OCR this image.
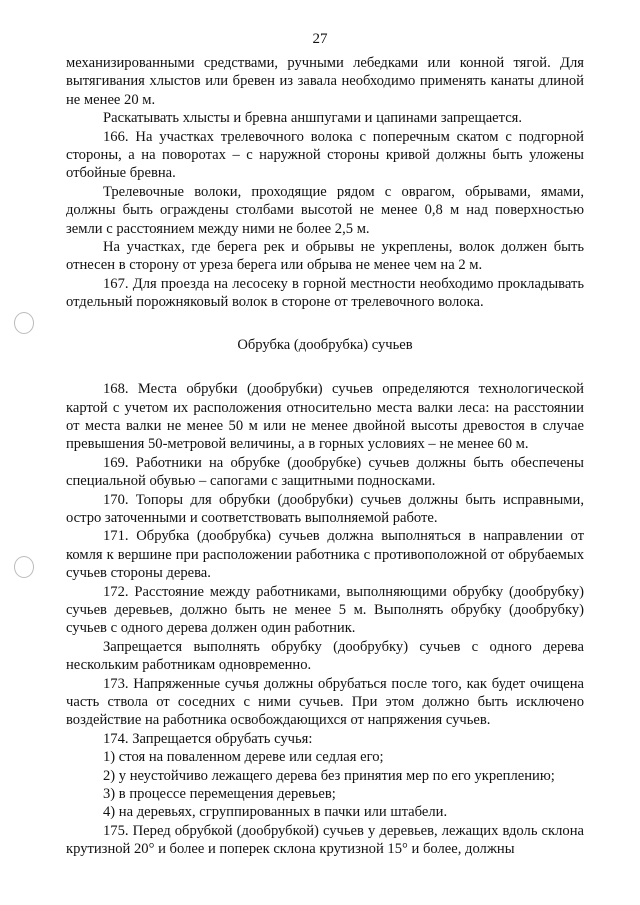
27

механизированными средствами, ручными лебедками или конной тягой. Для вытягивания хлыстов или бревен из завала необходимо применять канаты длиной не менее 20 м.

Раскатывать хлысты и бревна аншпугами и цапинами запрещается.

166. На участках трелевочного волока с поперечным скатом с подгорной стороны, а на поворотах – с наружной стороны кривой должны быть уложены отбойные бревна.

Трелевочные волоки, проходящие рядом с оврагом, обрывами, ямами, должны быть ограждены столбами высотой не менее 0,8 м над поверхностью земли с расстоянием между ними не более 2,5 м.

На участках, где берега рек и обрывы не укреплены, волок должен быть отнесен в сторону от уреза берега или обрыва не менее чем на 2 м.

167. Для проезда на лесосеку в горной местности необходимо прокладывать отдельный порожняковый волок в стороне от трелевочного волока.

Обрубка (дообрубка) сучьев

168. Места обрубки (дообрубки) сучьев определяются технологической картой с учетом их расположения относительно места валки леса: на расстоянии от места валки не менее 50 м или не менее двойной высоты древостоя в случае превышения 50-метровой величины, а в горных условиях – не менее 60 м.

169. Работники на обрубке (дообрубке) сучьев должны быть обеспечены специальной обувью – сапогами с защитными подносками.

170. Топоры для обрубки (дообрубки) сучьев должны быть исправными, остро заточенными и соответствовать выполняемой работе.

171. Обрубка (дообрубка) сучьев должна выполняться в направлении от комля к вершине при расположении работника с противоположной от обрубаемых сучьев стороны дерева.

172. Расстояние между работниками, выполняющими обрубку (дообрубку) сучьев деревьев, должно быть не менее 5 м. Выполнять обрубку (дообрубку) сучьев с одного дерева должен один работник.

Запрещается выполнять обрубку (дообрубку) сучьев с одного дерева нескольким работникам одновременно.

173. Напряженные сучья должны обрубаться после того, как будет очищена часть ствола от соседних с ними сучьев. При этом должно быть исключено воздействие на работника освобождающихся от напряжения сучьев.

174. Запрещается обрубать сучья:

1) стоя на поваленном дереве или седлая его;

2) у неустойчиво лежащего дерева без принятия мер по его укреплению;

3) в процессе перемещения деревьев;

4) на деревьях, сгруппированных в пачки или штабели.

175. Перед обрубкой (дообрубкой) сучьев у деревьев, лежащих вдоль склона крутизной 20° и более и поперек склона крутизной 15° и более, должны
